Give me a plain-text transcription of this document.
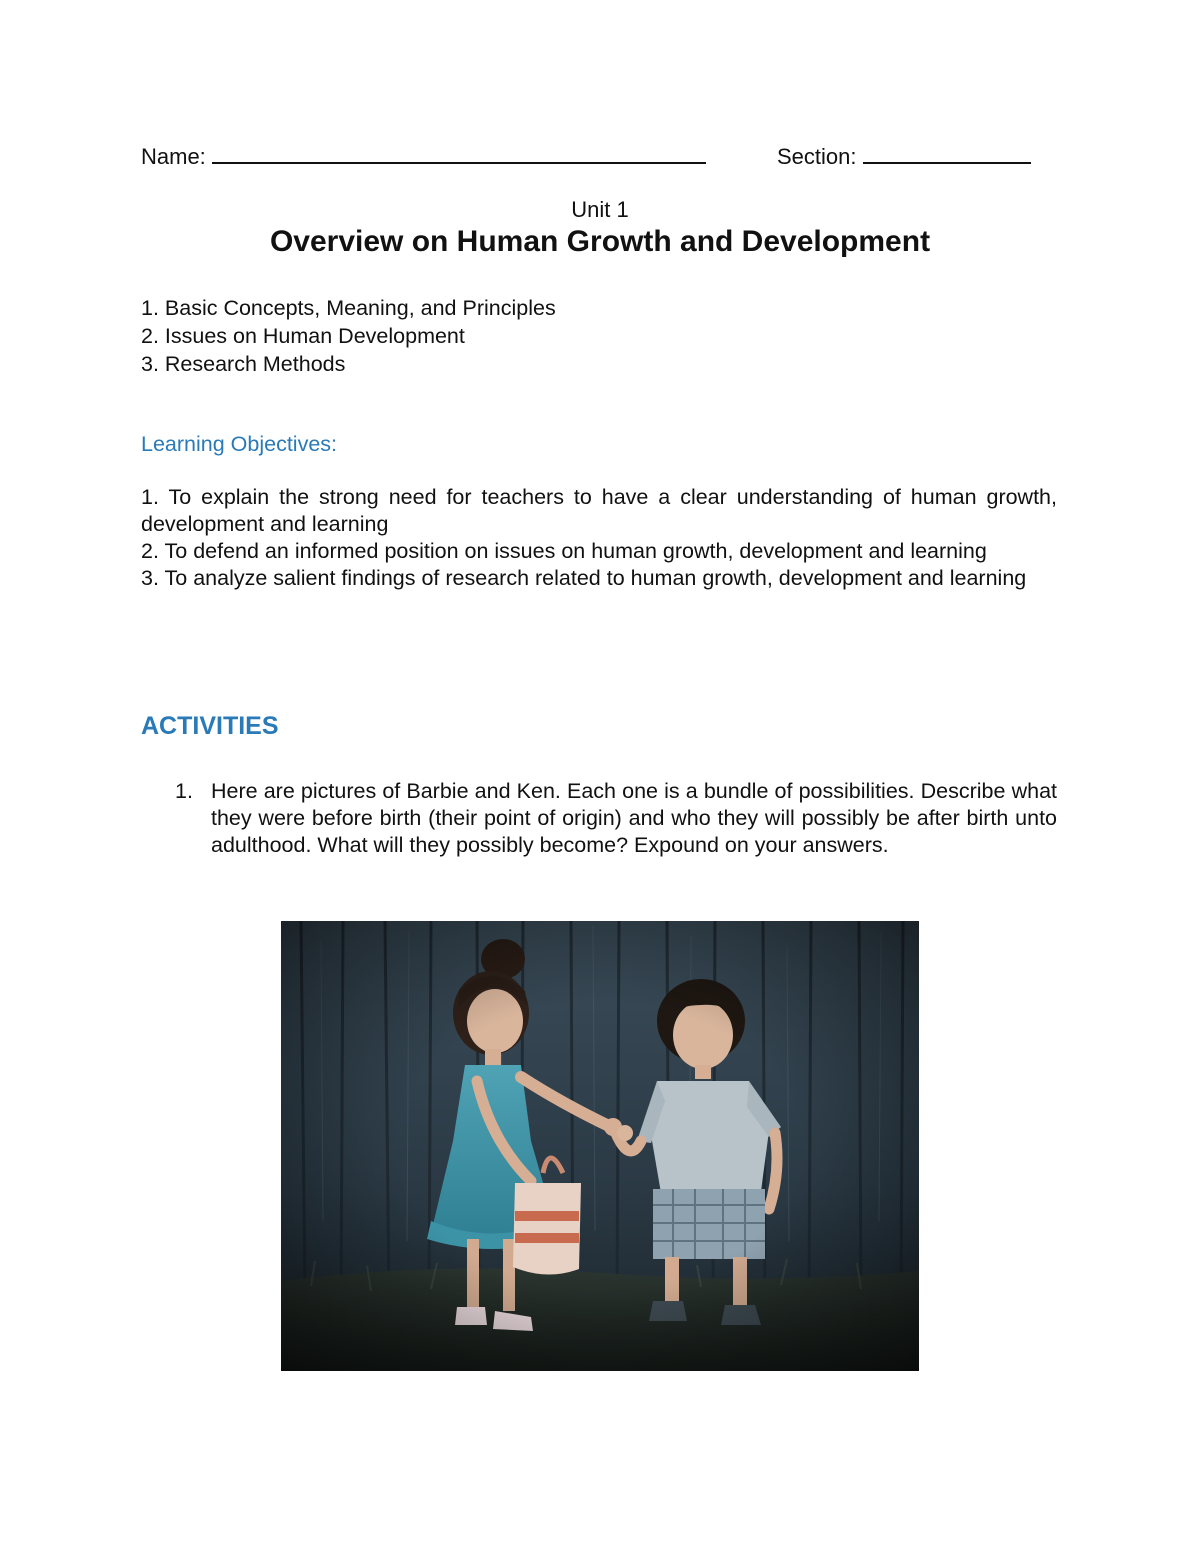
Name:	Section:
Unit 1
Overview on Human Growth and Development
1. Basic Concepts, Meaning, and Principles
2. Issues on Human Development
3. Research Methods
Learning Objectives:
1. To explain the strong need for teachers to have a clear understanding of human growth, development and learning
2. To defend an informed position on issues on human growth, development and learning
3. To analyze salient findings of research related to human growth, development and learning
ACTIVITIES
1. Here are pictures of Barbie and Ken. Each one is a bundle of possibilities. Describe what they were before birth (their point of origin) and who they will possibly be after birth unto adulthood. What will they possibly become? Expound on your answers.
